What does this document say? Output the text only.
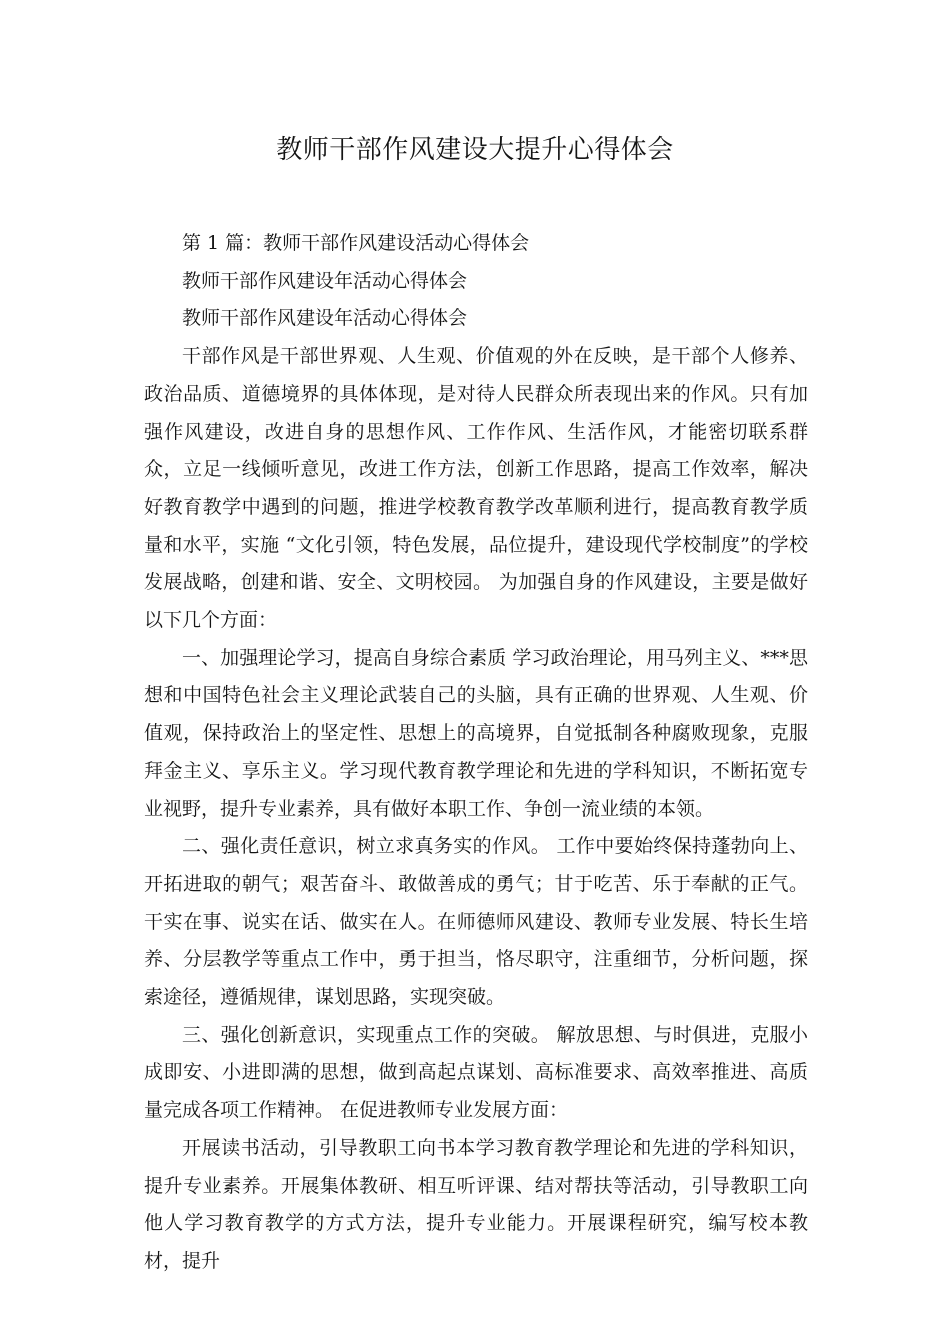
教师干部作风建设大提升心得体会

第 1 篇：教师干部作风建设活动心得体会

教师干部作风建设年活动心得体会

教师干部作风建设年活动心得体会

干部作风是干部世界观、人生观、价值观的外在反映，是干部个人修养、政治品质、道德境界的具体体现，是对待人民群众所表现出来的作风。只有加强作风建设，改进自身的思想作风、工作作风、生活作风，才能密切联系群众，立足一线倾听意见，改进工作方法，创新工作思路，提高工作效率，解决好教育教学中遇到的问题，推进学校教育教学改革顺利进行，提高教育教学质量和水平，实施 “文化引领，特色发展，品位提升，建设现代学校制度”的学校发展战略，创建和谐、安全、文明校园。 为加强自身的作风建设，主要是做好以下几个方面：

一、加强理论学习，提高自身综合素质 学习政治理论，用马列主义、***思想和中国特色社会主义理论武装自己的头脑，具有正确的世界观、人生观、价值观，保持政治上的坚定性、思想上的高境界，自觉抵制各种腐败现象，克服拜金主义、享乐主义。学习现代教育教学理论和先进的学科知识，不断拓宽专业视野，提升专业素养，具有做好本职工作、争创一流业绩的本领。

二、强化责任意识，树立求真务实的作风。 工作中要始终保持蓬勃向上、开拓进取的朝气；艰苦奋斗、敢做善成的勇气；甘于吃苦、乐于奉献的正气。干实在事、说实在话、做实在人。在师德师风建设、教师专业发展、特长生培养、分层教学等重点工作中，勇于担当，恪尽职守，注重细节，分析问题，探索途径，遵循规律，谋划思路，实现突破。

三、强化创新意识，实现重点工作的突破。 解放思想、与时俱进，克服小成即安、小进即满的思想，做到高起点谋划、高标准要求、高效率推进、高质量完成各项工作精神。 在促进教师专业发展方面：

开展读书活动，引导教职工向书本学习教育教学理论和先进的学科知识，提升专业素养。开展集体教研、相互听评课、结对帮扶等活动，引导教职工向他人学习教育教学的方式方法，提升专业能力。开展课程研究，编写校本教材，提升
